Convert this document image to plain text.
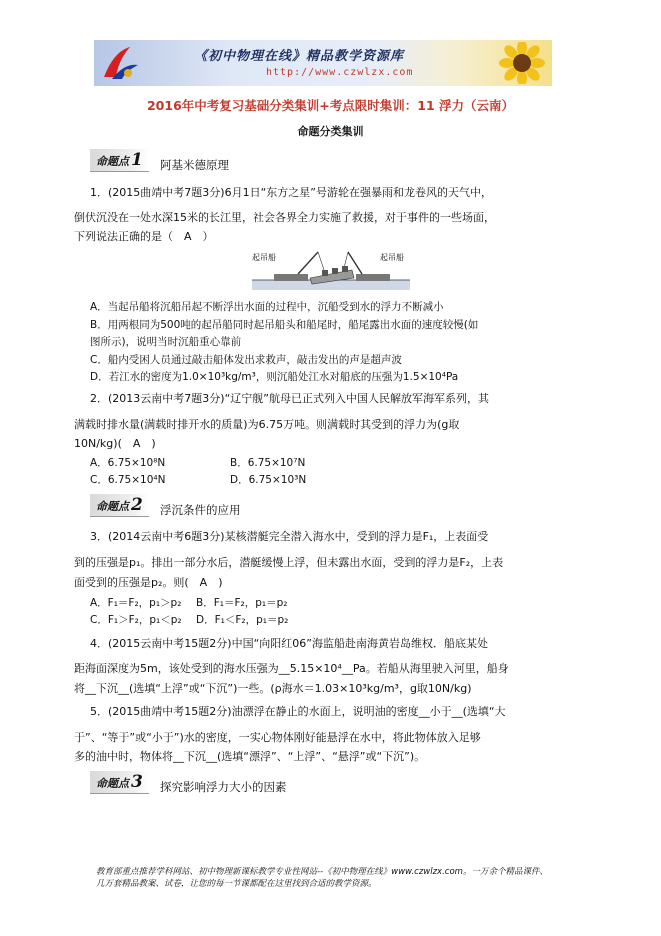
《初中物理在线》精品教学资源库
http://www.czwlzx.com
2016年中考复习基础分类集训+考点限时集训：11 浮力（云南）
命题分类集训
命题点 1	阿基米德原理
1．(2015曲靖中考7题3分)6月1日“东方之星”号游轮在强暴雨和龙卷风的天气中，
倒伏沉没在一处水深15米的长江里，社会各界全力实施了救援，对于事件的一些场面，
下列说法正确的是（　A　）
起吊船	起吊船
A．当起吊船将沉船吊起不断浮出水面的过程中，沉船受到水的浮力不断减小
B．用两根同为500吨的起吊船同时起吊船头和船尾时，船尾露出水面的速度较慢(如
图所示)，说明当时沉船重心靠前
C．船内受困人员通过敲击船体发出求救声，敲击发出的声是超声波
D．若江水的密度为1.0×10³kg/m³，则沉船处江水对船底的压强为1.5×10⁴Pa
2．(2013云南中考7题3分)“辽宁舰”航母已正式列入中国人民解放军海军系列，其
满载时排水量(满载时排开水的质量)为6.75万吨。则满载时其受到的浮力为(g取
10N/kg)(　A　)
A．6.75×10⁸N	B．6.75×10⁷N
C．6.75×10⁴N	D．6.75×10³N
命题点 2	浮沉条件的应用
3．(2014云南中考6题3分)某核潜艇完全潜入海水中，受到的浮力是F₁，上表面受
到的压强是p₁。排出一部分水后，潜艇缓慢上浮，但未露出水面，受到的浮力是F₂，上表
面受到的压强是p₂。则(　A　)
A．F₁＝F₂，p₁＞p₂ B．F₁＝F₂，p₁＝p₂
C．F₁＞F₂，p₁＜p₂ D．F₁＜F₂，p₁＝p₂
4．(2015云南中考15题2分)中国“向阳红06”海监船赴南海黄岩岛维权．船底某处
距海面深度为5m，该处受到的海水压强为__5.15×10⁴__Pa。若船从海里驶入河里，船身
将__下沉__(选填“上浮”或“下沉”)一些。(ρ海水＝1.03×10³kg/m³，g取10N/kg)
5．(2015曲靖中考15题2分)油漂浮在静止的水面上，说明油的密度__小于__(选填“大
于”、“等于”或“小于”)水的密度，一实心物体刚好能悬浮在水中，将此物体放入足够
多的油中时，物体将__下沉__(选填“漂浮”、“上浮”、“悬浮”或“下沉”)。
命题点 3	探究影响浮力大小的因素
教育部重点推荐学科网站、初中物理新课标教学专业性网站--《初中物理在线》www.czwlzx.com。一万余个精品课件、
几万套精品教案、试卷，让您的每一节课都配在这里找到合适的教学资源。
